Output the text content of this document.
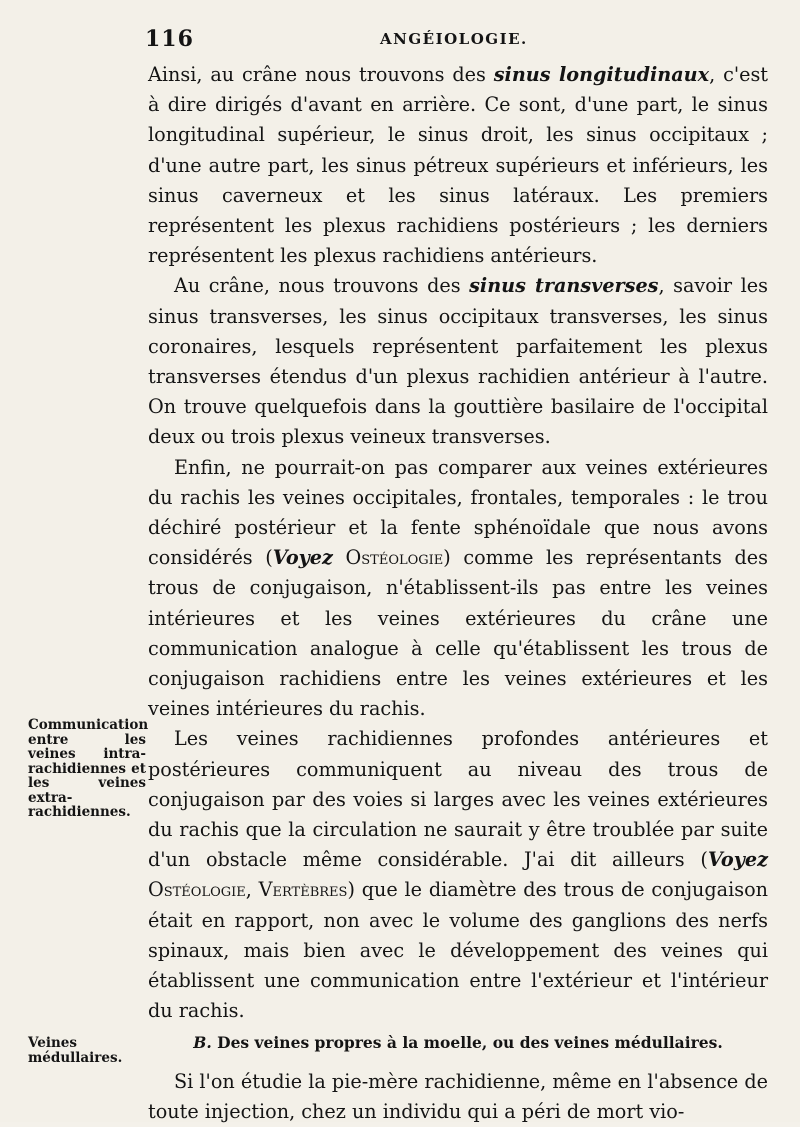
116	ANGÉIOLOGIE.
Communication entre les veines intra-rachidiennes et les veines extra-rachidiennes.
Veines médullaires.

Ainsi, au crâne nous trouvons des sinus longitudinaux, c'est à dire dirigés d'avant en arrière. Ce sont, d'une part, le sinus longitudinal supérieur, le sinus droit, les sinus occipitaux ; d'une autre part, les sinus pétreux supérieurs et inférieurs, les sinus caverneux et les sinus latéraux. Les premiers représentent les plexus rachidiens postérieurs ; les derniers représentent les plexus rachidiens antérieurs.

Au crâne, nous trouvons des sinus transverses, savoir les sinus transverses, les sinus occipitaux transverses, les sinus coronaires, lesquels représentent parfaitement les plexus transverses étendus d'un plexus rachidien antérieur à l'autre. On trouve quelquefois dans la gouttière basilaire de l'occipital deux ou trois plexus veineux transverses.

Enfin, ne pourrait-on pas comparer aux veines extérieures du rachis les veines occipitales, frontales, temporales : le trou déchiré postérieur et la fente sphénoïdale que nous avons considérés (Voyez Ostéologie) comme les représentants des trous de conjugaison, n'établissent-ils pas entre les veines intérieures et les veines extérieures du crâne une communication analogue à celle qu'établissent les trous de conjugaison rachidiens entre les veines extérieures et les veines intérieures du rachis.

Les veines rachidiennes profondes antérieures et postérieures communiquent au niveau des trous de conjugaison par des voies si larges avec les veines extérieures du rachis que la circulation ne saurait y être troublée par suite d'un obstacle même considérable. J'ai dit ailleurs (Voyez Ostéologie, Vertèbres) que le diamètre des trous de conjugaison était en rapport, non avec le volume des ganglions des nerfs spinaux, mais bien avec le développement des veines qui établissent une communication entre l'extérieur et l'intérieur du rachis.

B. Des veines propres à la moelle, ou des veines médullaires.

Si l'on étudie la pie-mère rachidienne, même en l'absence de toute injection, chez un individu qui a péri de mort vio-
